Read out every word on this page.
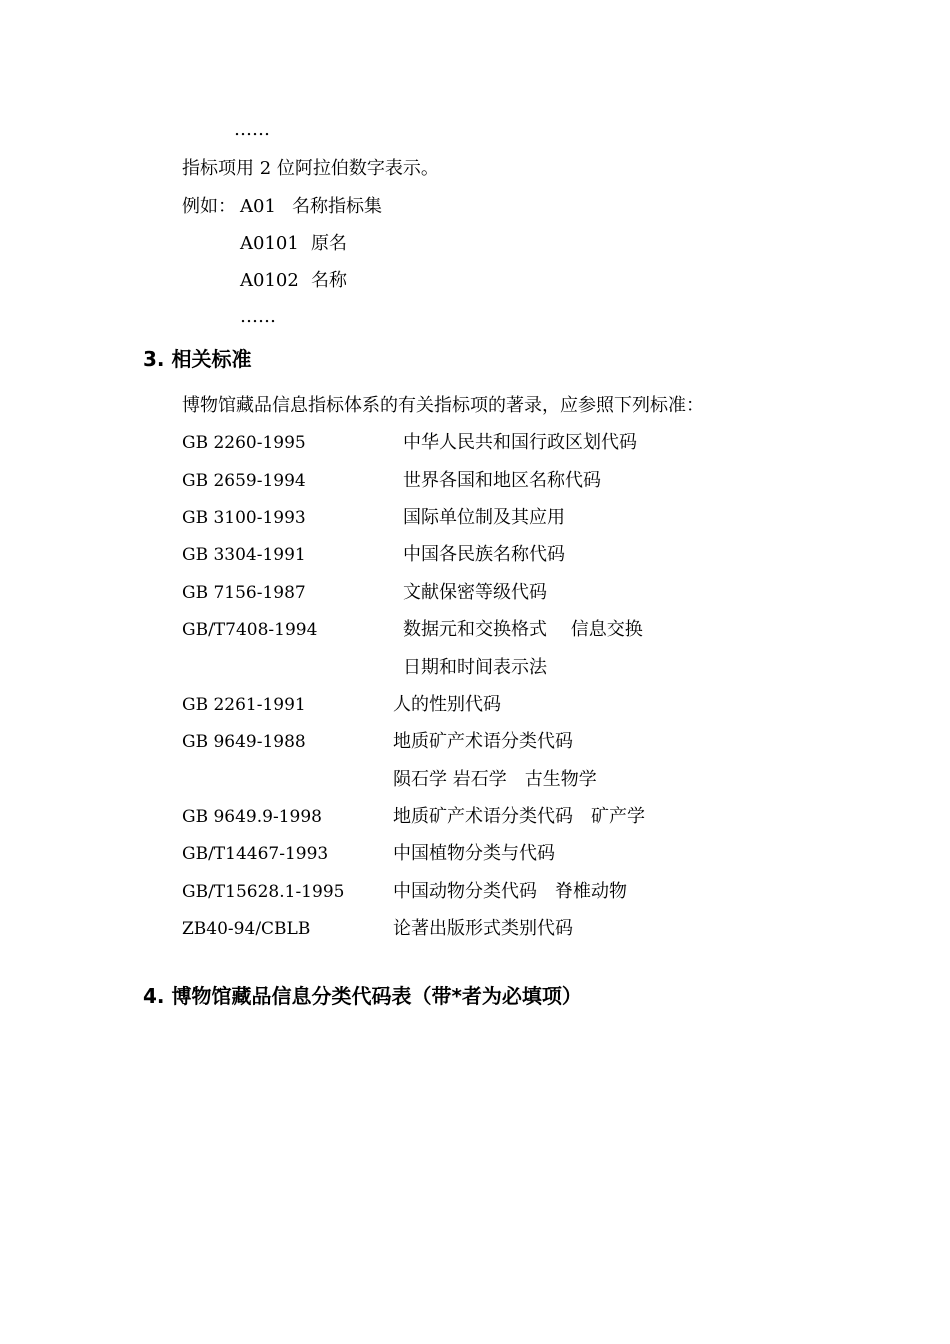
……
指标项用 2 位阿拉伯数字表示。
例如： A01 名称指标集
A0101 原名
A0102 名称
……
3. 相关标准
博物馆藏品信息指标体系的有关指标项的著录，应参照下列标准：
GB 2260-1995	中华人民共和国行政区划代码
GB 2659-1994	世界各国和地区名称代码
GB 3100-1993	国际单位制及其应用
GB 3304-1991	中国各民族名称代码
GB 7156-1987	文献保密等级代码
GB/T7408-1994	数据元和交换格式　 信息交换
日期和时间表示法
GB 2261-1991	人的性别代码
GB 9649-1988	地质矿产术语分类代码
陨石学 岩石学　古生物学
GB 9649.9-1998	地质矿产术语分类代码　矿产学
GB/T14467-1993	中国植物分类与代码
GB/T15628.1-1995	中国动物分类代码　脊椎动物
ZB40-94/CBLB	论著出版形式类别代码
4. 博物馆藏品信息分类代码表（带*者为必填项）
